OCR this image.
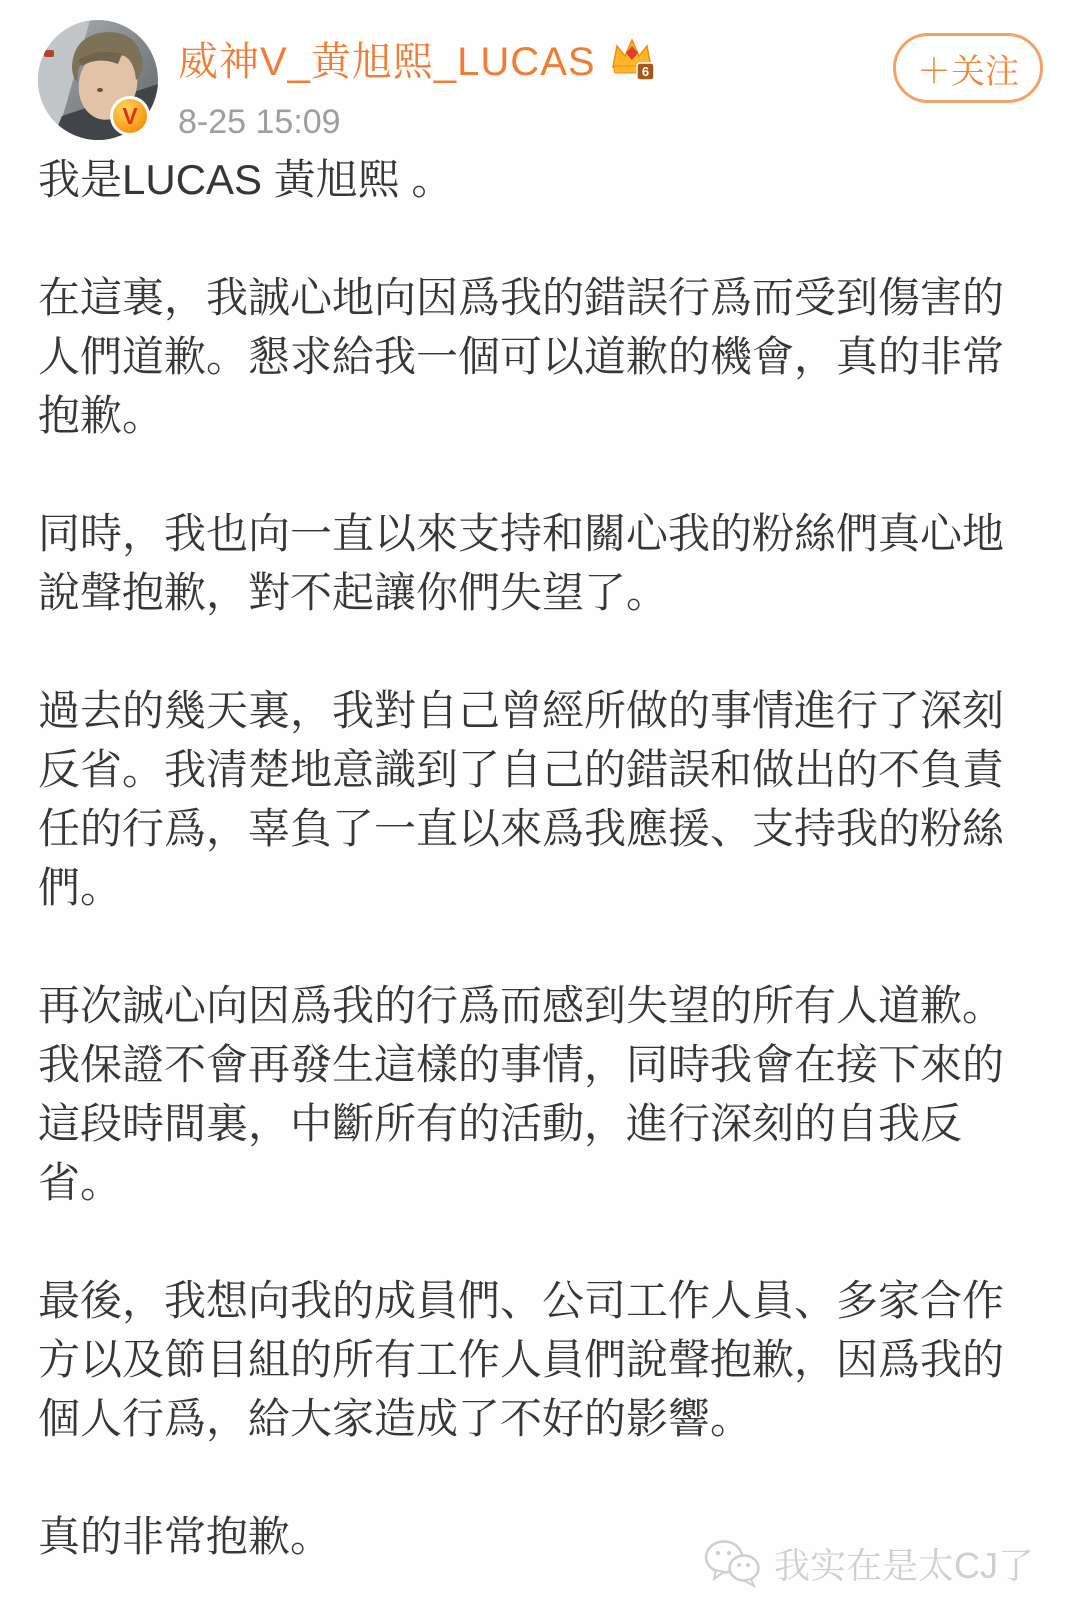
V
威神V_黄旭熙_LUCAS	6
8-25 15:09
＋关注

我是LUCAS 黃旭熙 。

在這裏，我誠心地向因爲我的錯誤行爲而受到傷害的人們道歉。懇求給我一個可以道歉的機會，真的非常抱歉。

同時，我也向一直以來支持和關心我的粉絲們真心地說聲抱歉，對不起讓你們失望了。

過去的幾天裏，我對自己曾經所做的事情進行了深刻反省。我清楚地意識到了自己的錯誤和做出的不負責任的行爲，辜負了一直以來爲我應援、支持我的粉絲們。

再次誠心向因爲我的行爲而感到失望的所有人道歉。我保證不會再發生這樣的事情，同時我會在接下來的這段時間裏，中斷所有的活動，進行深刻的自我反省。

最後，我想向我的成員們、公司工作人員、多家合作方以及節目組的所有工作人員們說聲抱歉，因爲我的個人行爲，給大家造成了不好的影響。

真的非常抱歉。

我实在是太CJ了
